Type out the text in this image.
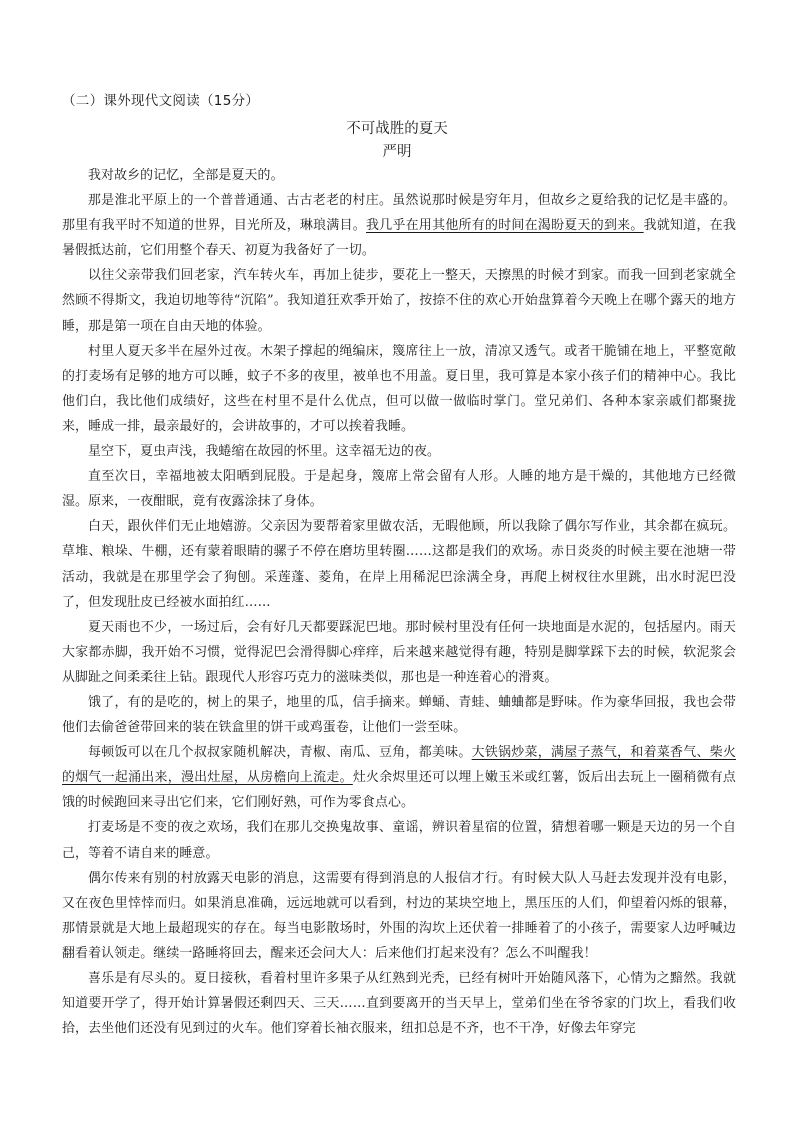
（二）课外现代文阅读（15分）
不可战胜的夏天
严明

我对故乡的记忆，全部是夏天的。

那是淮北平原上的一个普普通通、古古老老的村庄。虽然说那时候是穷年月，但故乡之夏给我的记忆是丰盛的。那里有我平时不知道的世界，目光所及，琳琅满目。我几乎在用其他所有的时间在渴盼夏天的到来。我就知道，在我暑假抵达前，它们用整个春天、初夏为我备好了一切。

以往父亲带我们回老家，汽车转火车，再加上徒步，要花上一整天，天擦黑的时候才到家。而我一回到老家就全然顾不得斯文，我迫切地等待“沉陷”。我知道狂欢季开始了，按捺不住的欢心开始盘算着今天晚上在哪个露天的地方睡，那是第一项在自由天地的体验。

村里人夏天多半在屋外过夜。木架子撑起的绳编床，篾席往上一放，清凉又透气。或者干脆铺在地上，平整宽敞的打麦场有足够的地方可以睡，蚊子不多的夜里，被单也不用盖。夏日里，我可算是本家小孩子们的精神中心。我比他们白，我比他们成绩好，这些在村里不是什么优点，但可以做一做临时掌门。堂兄弟们、各种本家亲戚们都聚拢来，睡成一排，最亲最好的，会讲故事的，才可以挨着我睡。

星空下，夏虫声浅，我蜷缩在故园的怀里。这幸福无边的夜。

直至次日，幸福地被太阳晒到屁股。于是起身，篾席上常会留有人形。人睡的地方是干燥的，其他地方已经微湿。原来，一夜酣眠，竟有夜露涂抹了身体。

白天，跟伙伴们无止地嬉游。父亲因为要帮着家里做农活，无暇他顾，所以我除了偶尔写作业，其余都在疯玩。草堆、粮垛、牛棚，还有蒙着眼睛的骡子不停在磨坊里转圈……这都是我们的欢场。赤日炎炎的时候主要在池塘一带活动，我就是在那里学会了狗刨。采莲蓬、菱角，在岸上用稀泥巴涂满全身，再爬上树杈往水里跳，出水时泥巴没了，但发现肚皮已经被水面拍红……

夏天雨也不少，一场过后，会有好几天都要踩泥巴地。那时候村里没有任何一块地面是水泥的，包括屋内。雨天大家都赤脚，我开始不习惯，觉得泥巴会滑得脚心痒痒，后来越来越觉得有趣，特别是脚掌踩下去的时候，软泥浆会从脚趾之间柔柔往上钻。跟现代人形容巧克力的滋味类似，那也是一种连着心的滑爽。

饿了，有的是吃的，树上的果子，地里的瓜，信手摘来。蝉蛹、青蛙、蛐蛐都是野味。作为豪华回报，我也会带他们去偷爸爸带回来的装在铁盒里的饼干或鸡蛋卷，让他们一尝至味。

每顿饭可以在几个叔叔家随机解决，青椒、南瓜、豆角，都美味。大铁锅炒菜，满屋子蒸气，和着菜香气、柴火的烟气一起涌出来，漫出灶屋，从房檐向上流走。灶火余烬里还可以埋上嫩玉米或红薯，饭后出去玩上一圈稍微有点饿的时候跑回来寻出它们来，它们刚好熟，可作为零食点心。

打麦场是不变的夜之欢场，我们在那儿交换鬼故事、童谣，辨识着星宿的位置，猜想着哪一颗是天边的另一个自己，等着不请自来的睡意。

偶尔传来有别的村放露天电影的消息，这需要有得到消息的人报信才行。有时候大队人马赶去发现并没有电影，又在夜色里悻悻而归。如果消息准确，远远地就可以看到，村边的某块空地上，黑压压的人们，仰望着闪烁的银幕，那情景就是大地上最超现实的存在。每当电影散场时，外围的沟坎上还伏着一排睡着了的小孩子，需要家人边呼喊边翻看着认领走。继续一路睡将回去，醒来还会问大人：后来他们打起来没有？怎么不叫醒我！

喜乐是有尽头的。夏日接秋，看着村里许多果子从红熟到光秃，已经有树叶开始随风落下，心情为之黯然。我就知道要开学了，得开始计算暑假还剩四天、三天……直到要离开的当天早上，堂弟们坐在爷爷家的门坎上，看我们收拾，去坐他们还没有见到过的火车。他们穿着长袖衣服来，纽扣总是不齐，也不干净，好像去年穿完
